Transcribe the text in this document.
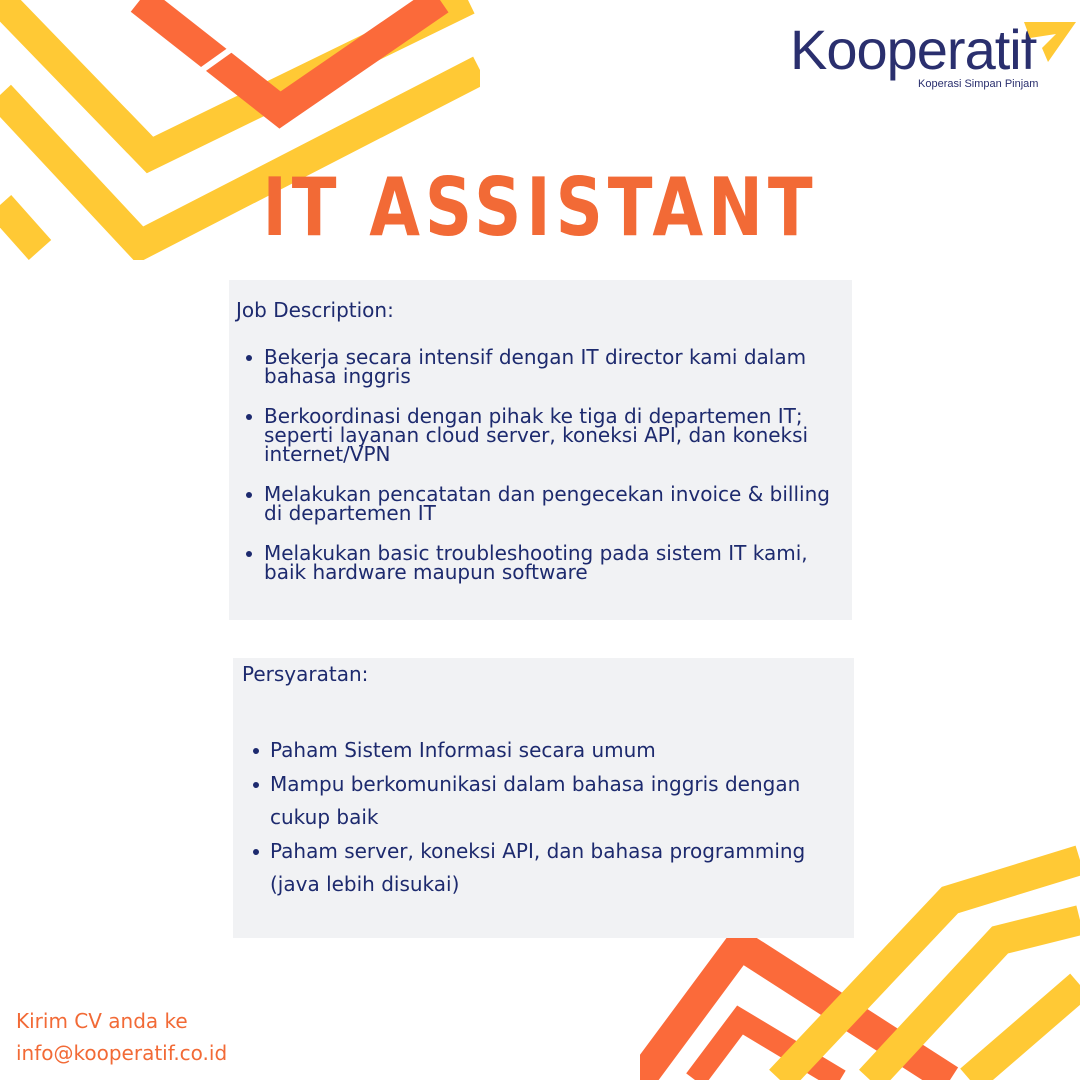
Kooperatif
Koperasi Simpan Pinjam
IT ASSISTANT
Job Description:
Bekerja secara intensif dengan IT director kami dalam bahasa inggris
Berkoordinasi dengan pihak ke tiga di departemen IT; seperti layanan cloud server, koneksi API, dan koneksi internet/VPN
Melakukan pencatatan dan pengecekan invoice & billing di departemen IT
Melakukan basic troubleshooting pada sistem IT kami, baik hardware maupun software
Persyaratan:
Paham Sistem Informasi secara umum
Mampu berkomunikasi dalam bahasa inggris dengan cukup baik
Paham server, koneksi API, dan bahasa programming (java lebih disukai)
Kirim CV anda ke
info@kooperatif.co.id
